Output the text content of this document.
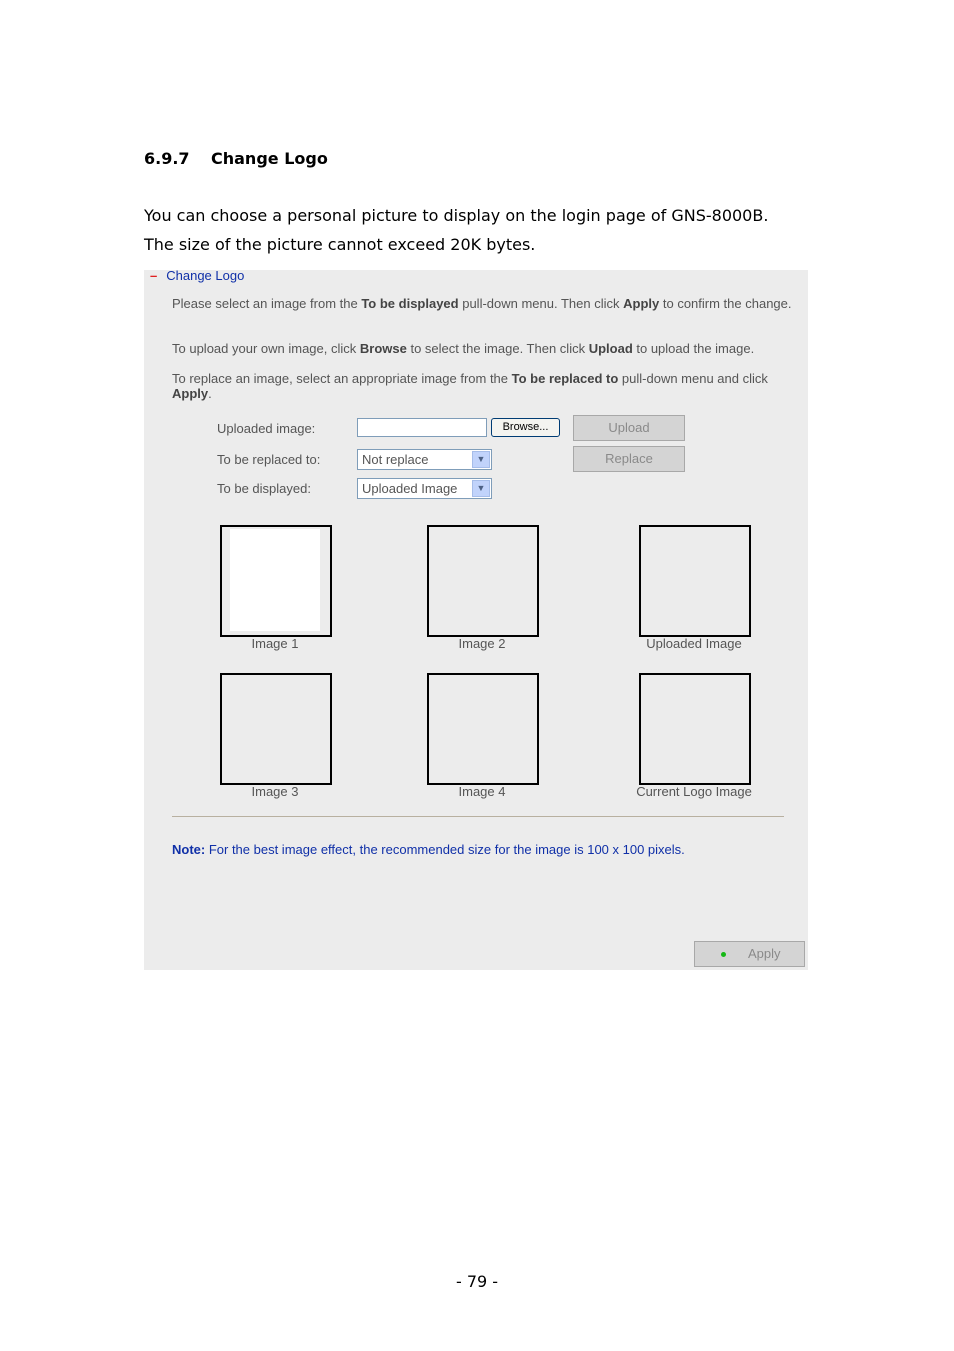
6.9.7 Change Logo
You can choose a personal picture to display on the login page of GNS-8000B.
The size of the picture cannot exceed 20K bytes.
– Change Logo
Please select an image from the To be displayed pull-down menu. Then click Apply to confirm the change.
To upload your own image, click Browse to select the image. Then click Upload to upload the image.
To replace an image, select an appropriate image from the To be replaced to pull-down menu and click Apply.
Uploaded image:	Browse...	Upload
To be replaced to:	Not replace	▼	Replace
To be displayed:	Uploaded Image	▼
Image 1	Image 2	Uploaded Image
Image 3	Image 4	Current Logo Image
Note: For the best image effect, the recommended size for the image is 100 x 100 pixels.
Apply
- 79 -
